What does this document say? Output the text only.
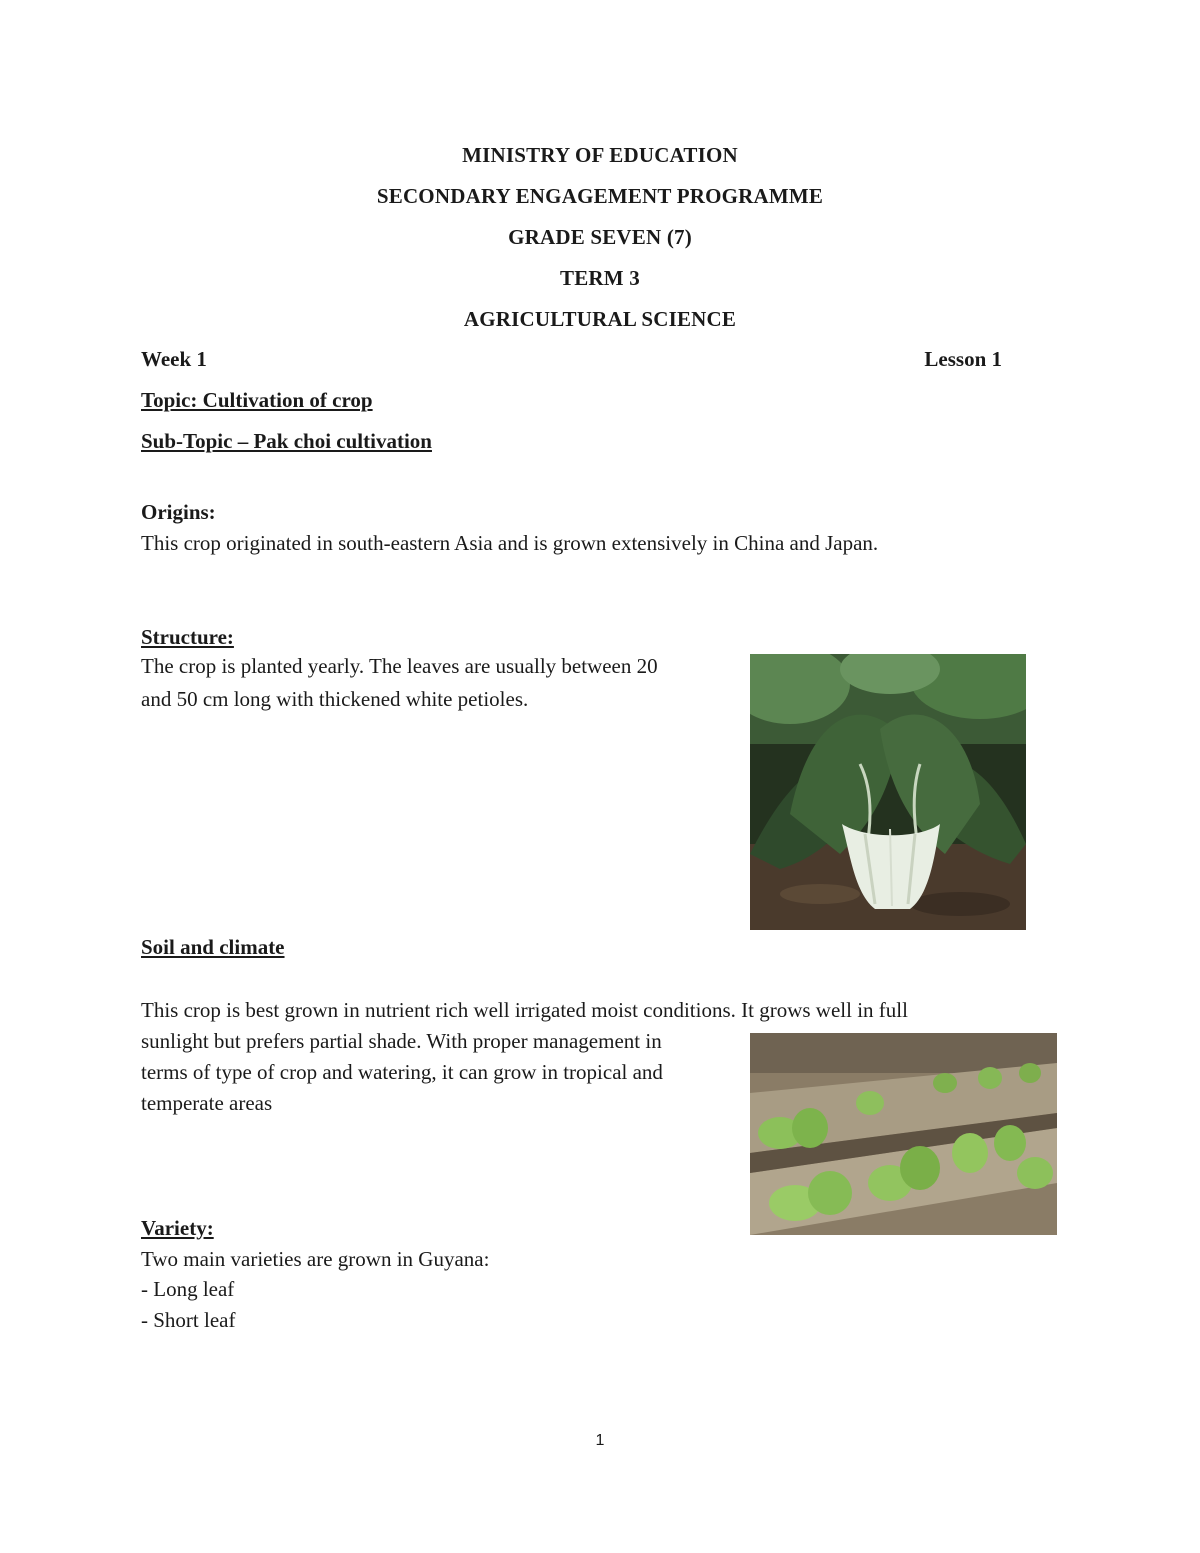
MINISTRY OF EDUCATION
SECONDARY ENGAGEMENT PROGRAMME
GRADE SEVEN (7)
TERM 3
AGRICULTURAL SCIENCE
Week 1	Lesson 1
Topic: Cultivation of crop
Sub-Topic – Pak choi cultivation
Origins:
This crop originated in south-eastern Asia and is grown extensively in China and Japan.
Structure:
The crop is planted yearly. The leaves are usually between 20
and 50 cm long with thickened white petioles.
Soil and climate
This crop is best grown in nutrient rich well irrigated moist conditions. It grows well in full
sunlight but prefers partial shade. With proper management in
terms of type of crop and watering, it can grow in tropical and
temperate areas
Variety:
Two main varieties are grown in Guyana:
- Long leaf
- Short leaf
1
